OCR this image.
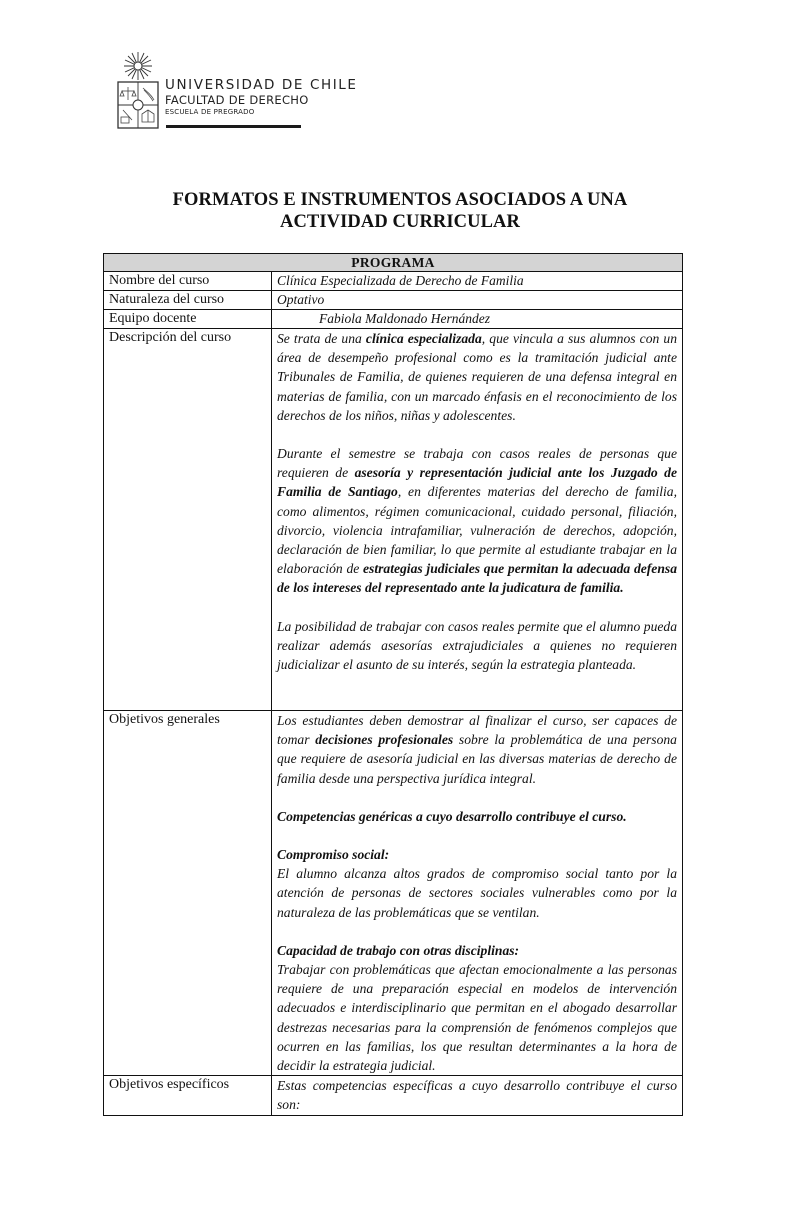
UNIVERSIDAD DE CHILE
FACULTAD DE DERECHO
ESCUELA DE PREGRADO
FORMATOS E INSTRUMENTOS ASOCIADOS A UNA
ACTIVIDAD CURRICULAR
PROGRAMA	
Nombre del curso	Clínica Especializada de Derecho de Familia
Naturaleza del curso	Optativo
Equipo docente	Fabiola Maldonado Hernández
Descripción del curso	Se trata de una clínica especializada, que vincula a sus alumnos con un área de desempeño profesional como es la tramitación judicial ante Tribunales de Familia, de quienes requieren de una defensa integral en materias de familia, con un marcado énfasis en el reconocimiento de los derechos de los niños, niñas y adolescentes.

Durante el semestre se trabaja con casos reales de personas que requieren de asesoría y representación judicial ante los Juzgado de Familia de Santiago, en diferentes materias del derecho de familia, como alimentos, régimen comunicacional, cuidado personal, filiación, divorcio, violencia intrafamiliar, vulneración de derechos, adopción, declaración de bien familiar, lo que permite al estudiante trabajar en la elaboración de estrategias judiciales que permitan la adecuada defensa de los intereses del representado ante la judicatura de familia.

La posibilidad de trabajar con casos reales permite que el alumno pueda realizar además asesorías extrajudiciales a quienes no requieren judicializar el asunto de su interés, según la estrategia planteada.

Objetivos generales	Los estudiantes deben demostrar al finalizar el curso, ser capaces de tomar decisiones profesionales sobre la problemática de una persona que requiere de asesoría judicial en las diversas materias de derecho de familia desde una perspectiva jurídica integral.

Competencias genéricas a cuyo desarrollo contribuye el curso.

Compromiso social:

El alumno alcanza altos grados de compromiso social tanto por la atención de personas de sectores sociales vulnerables como por la naturaleza de las problemáticas que se ventilan.

Capacidad de trabajo con otras disciplinas:

Trabajar con problemáticas que afectan emocionalmente a las personas requiere de una preparación especial en modelos de intervención adecuados e interdisciplinario que permitan en el abogado desarrollar destrezas necesarias para la comprensión de fenómenos complejos que ocurren en las familias, los que resultan determinantes a la hora de decidir la estrategia judicial.

Objetivos específicos	Estas competencias específicas a cuyo desarrollo contribuye el curso son:
